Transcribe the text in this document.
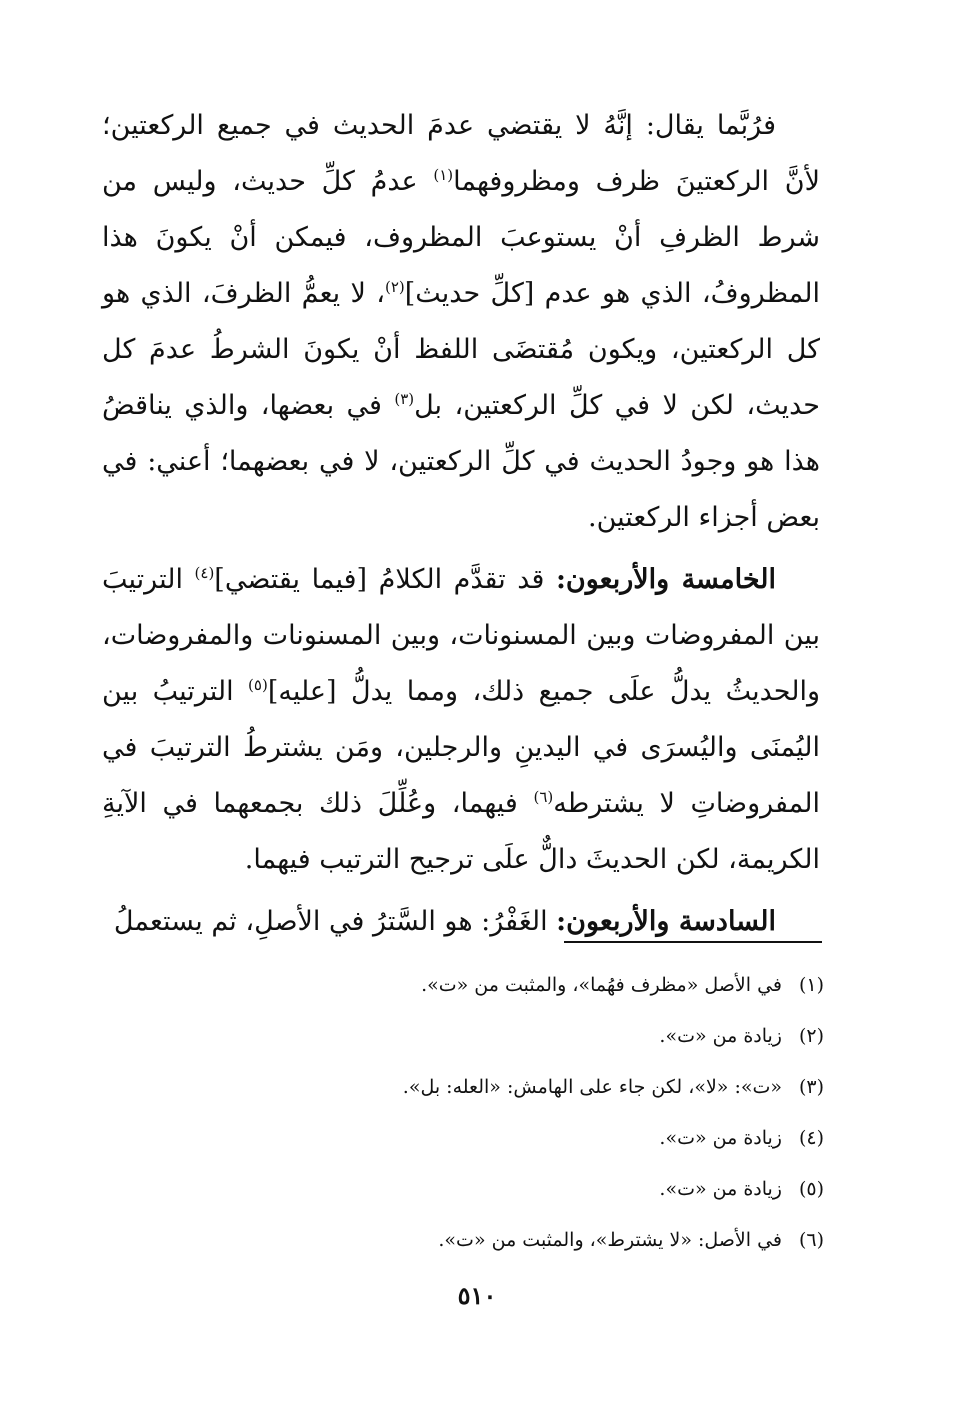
فرُبَّما يقال: إنَّهُ لا يقتضي عدمَ الحديث في جميع الركعتين؛ لأنَّ الركعتينَ ظرف ومظروفهما$^{(١)}$ عدمُ كلِّ حديث، وليس من شرط الظرفِ أنْ يستوعبَ المظروف، فيمكن أنْ يكونَ هذا المظروفُ، الذي هو عدم [كلِّ حديث]$^{(٢)}$، لا يعمُّ الظرفَ، الذي هو كل الركعتين، ويكون مُقتضَى اللفظ أنْ يكونَ الشرطُ عدمَ كل حديث، لكن لا في كلِّ الركعتين، بل$^{(٣)}$ في بعضها، والذي يناقضُ هذا هو وجودُ الحديث في كلِّ الركعتين، لا في بعضهما؛ أعني: في بعض أجزاء الركعتين.

الخامسة والأربعون: قد تقدَّم الكلامُ [فيما يقتضي]$^{(٤)}$ الترتيبَ بين المفروضات وبين المسنونات، وبين المسنونات والمفروضات، والحديثُ يدلُّ علَى جميع ذلك، ومما يدلُّ [عليه]$^{(٥)}$ الترتيبُ بين اليُمنَى واليُسرَى في اليدينِ والرجلين، ومَن يشترطُ الترتيبَ في المفروضاتِ لا يشترطه$^{(٦)}$ فيهما، وعُلِّلَ ذلك بجمعهما في الآيةِ الكريمة، لكن الحديثَ دالٌّ علَى ترجيح الترتيب فيهما.

السادسة والأربعون: الغَفْرُ: هو السَّترُ في الأصلِ، ثم يستعملُ

(١)في الأصل «مظرف فهُما»، والمثبت من «ت».
(٢)زيادة من «ت».
(٣)«ت»: «لا»، لكن جاء على الهامش: «العله: بل».
(٤)زيادة من «ت».
(٥)زيادة من «ت».
(٦)في الأصل: «لا يشترط»، والمثبت من «ت».
٥١٠
